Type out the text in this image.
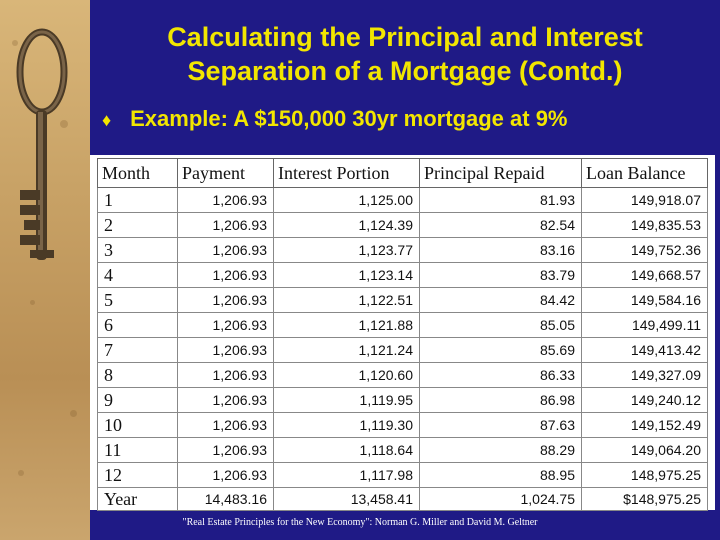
Calculating the Principal and Interest
Separation of a Mortgage (Contd.)
♦ Example: A $150,000 30yr mortgage at 9%
Month	Payment	Interest Portion	Principal Repaid	Loan Balance
1	1,206.93	1,125.00	81.93	149,918.07
2	1,206.93	1,124.39	82.54	149,835.53
3	1,206.93	1,123.77	83.16	149,752.36
4	1,206.93	1,123.14	83.79	149,668.57
5	1,206.93	1,122.51	84.42	149,584.16
6	1,206.93	1,121.88	85.05	149,499.11
7	1,206.93	1,121.24	85.69	149,413.42
8	1,206.93	1,120.60	86.33	149,327.09
9	1,206.93	1,119.95	86.98	149,240.12
10	1,206.93	1,119.30	87.63	149,152.49
11	1,206.93	1,118.64	88.29	149,064.20
12	1,206.93	1,117.98	88.95	148,975.25
Year	14,483.16	13,458.41	1,024.75	$148,975.25
"Real Estate Principles for the New Economy": Norman G. Miller and David M. Geltner
